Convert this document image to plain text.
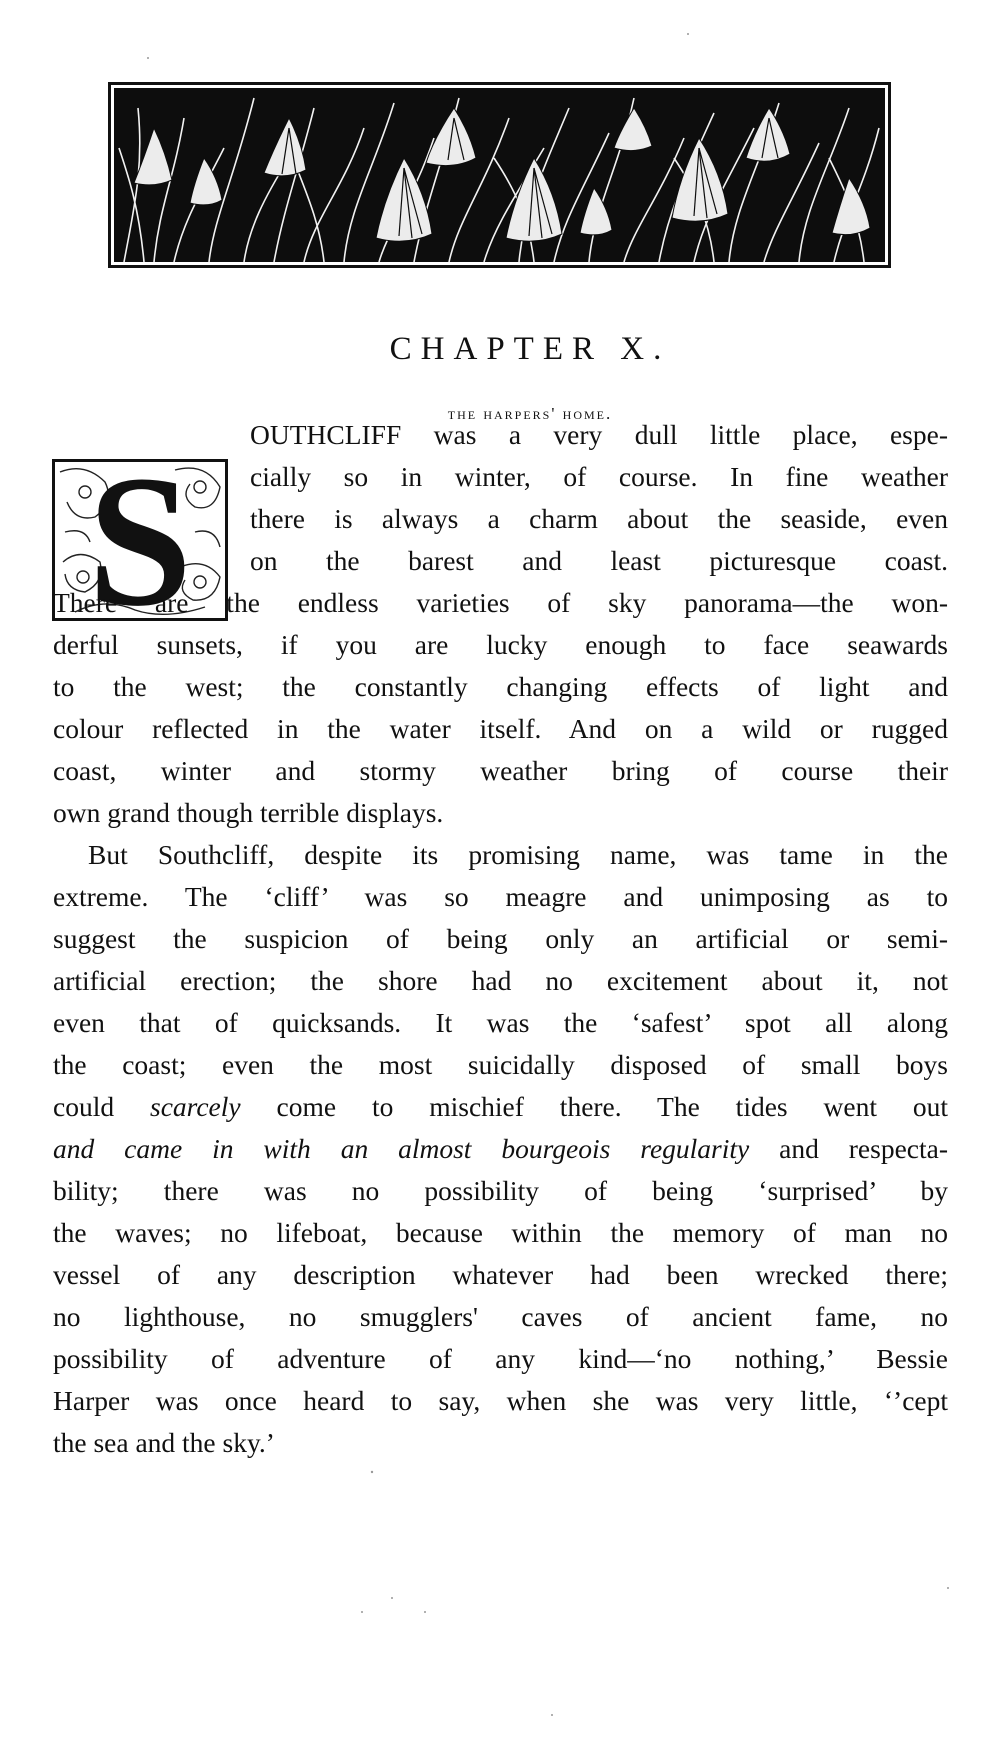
CHAPTER X.
the harpers' home.
S
OUTHCLIFF was a very dull little place, espe-
cially so in winter, of course. In fine weather
there is always a charm about the seaside, even
on the barest and least picturesque coast.
There are the endless varieties of sky panorama—the won-
derful sunsets, if you are lucky enough to face seawards
to the west; the constantly changing effects of light and
colour reflected in the water itself. And on a wild or rugged
coast, winter and stormy weather bring of course their
own grand though terrible displays.
But Southcliff, despite its promising name, was tame in the
extreme. The ‘cliff’ was so meagre and unimposing as to
suggest the suspicion of being only an artificial or semi-
artificial erection; the shore had no excitement about it, not
even that of quicksands. It was the ‘safest’ spot all along
the coast; even the most suicidally disposed of small boys
could scarcely come to mischief there. The tides went out
and came in with an almost bourgeois regularity and respecta-
bility; there was no possibility of being ‘surprised’ by
the waves; no lifeboat, because within the memory of man no
vessel of any description whatever had been wrecked there;
no lighthouse, no smugglers' caves of ancient fame, no
possibility of adventure of any kind—‘no nothing,’ Bessie
Harper was once heard to say, when she was very little, ‘’cept
the sea and the sky.’
